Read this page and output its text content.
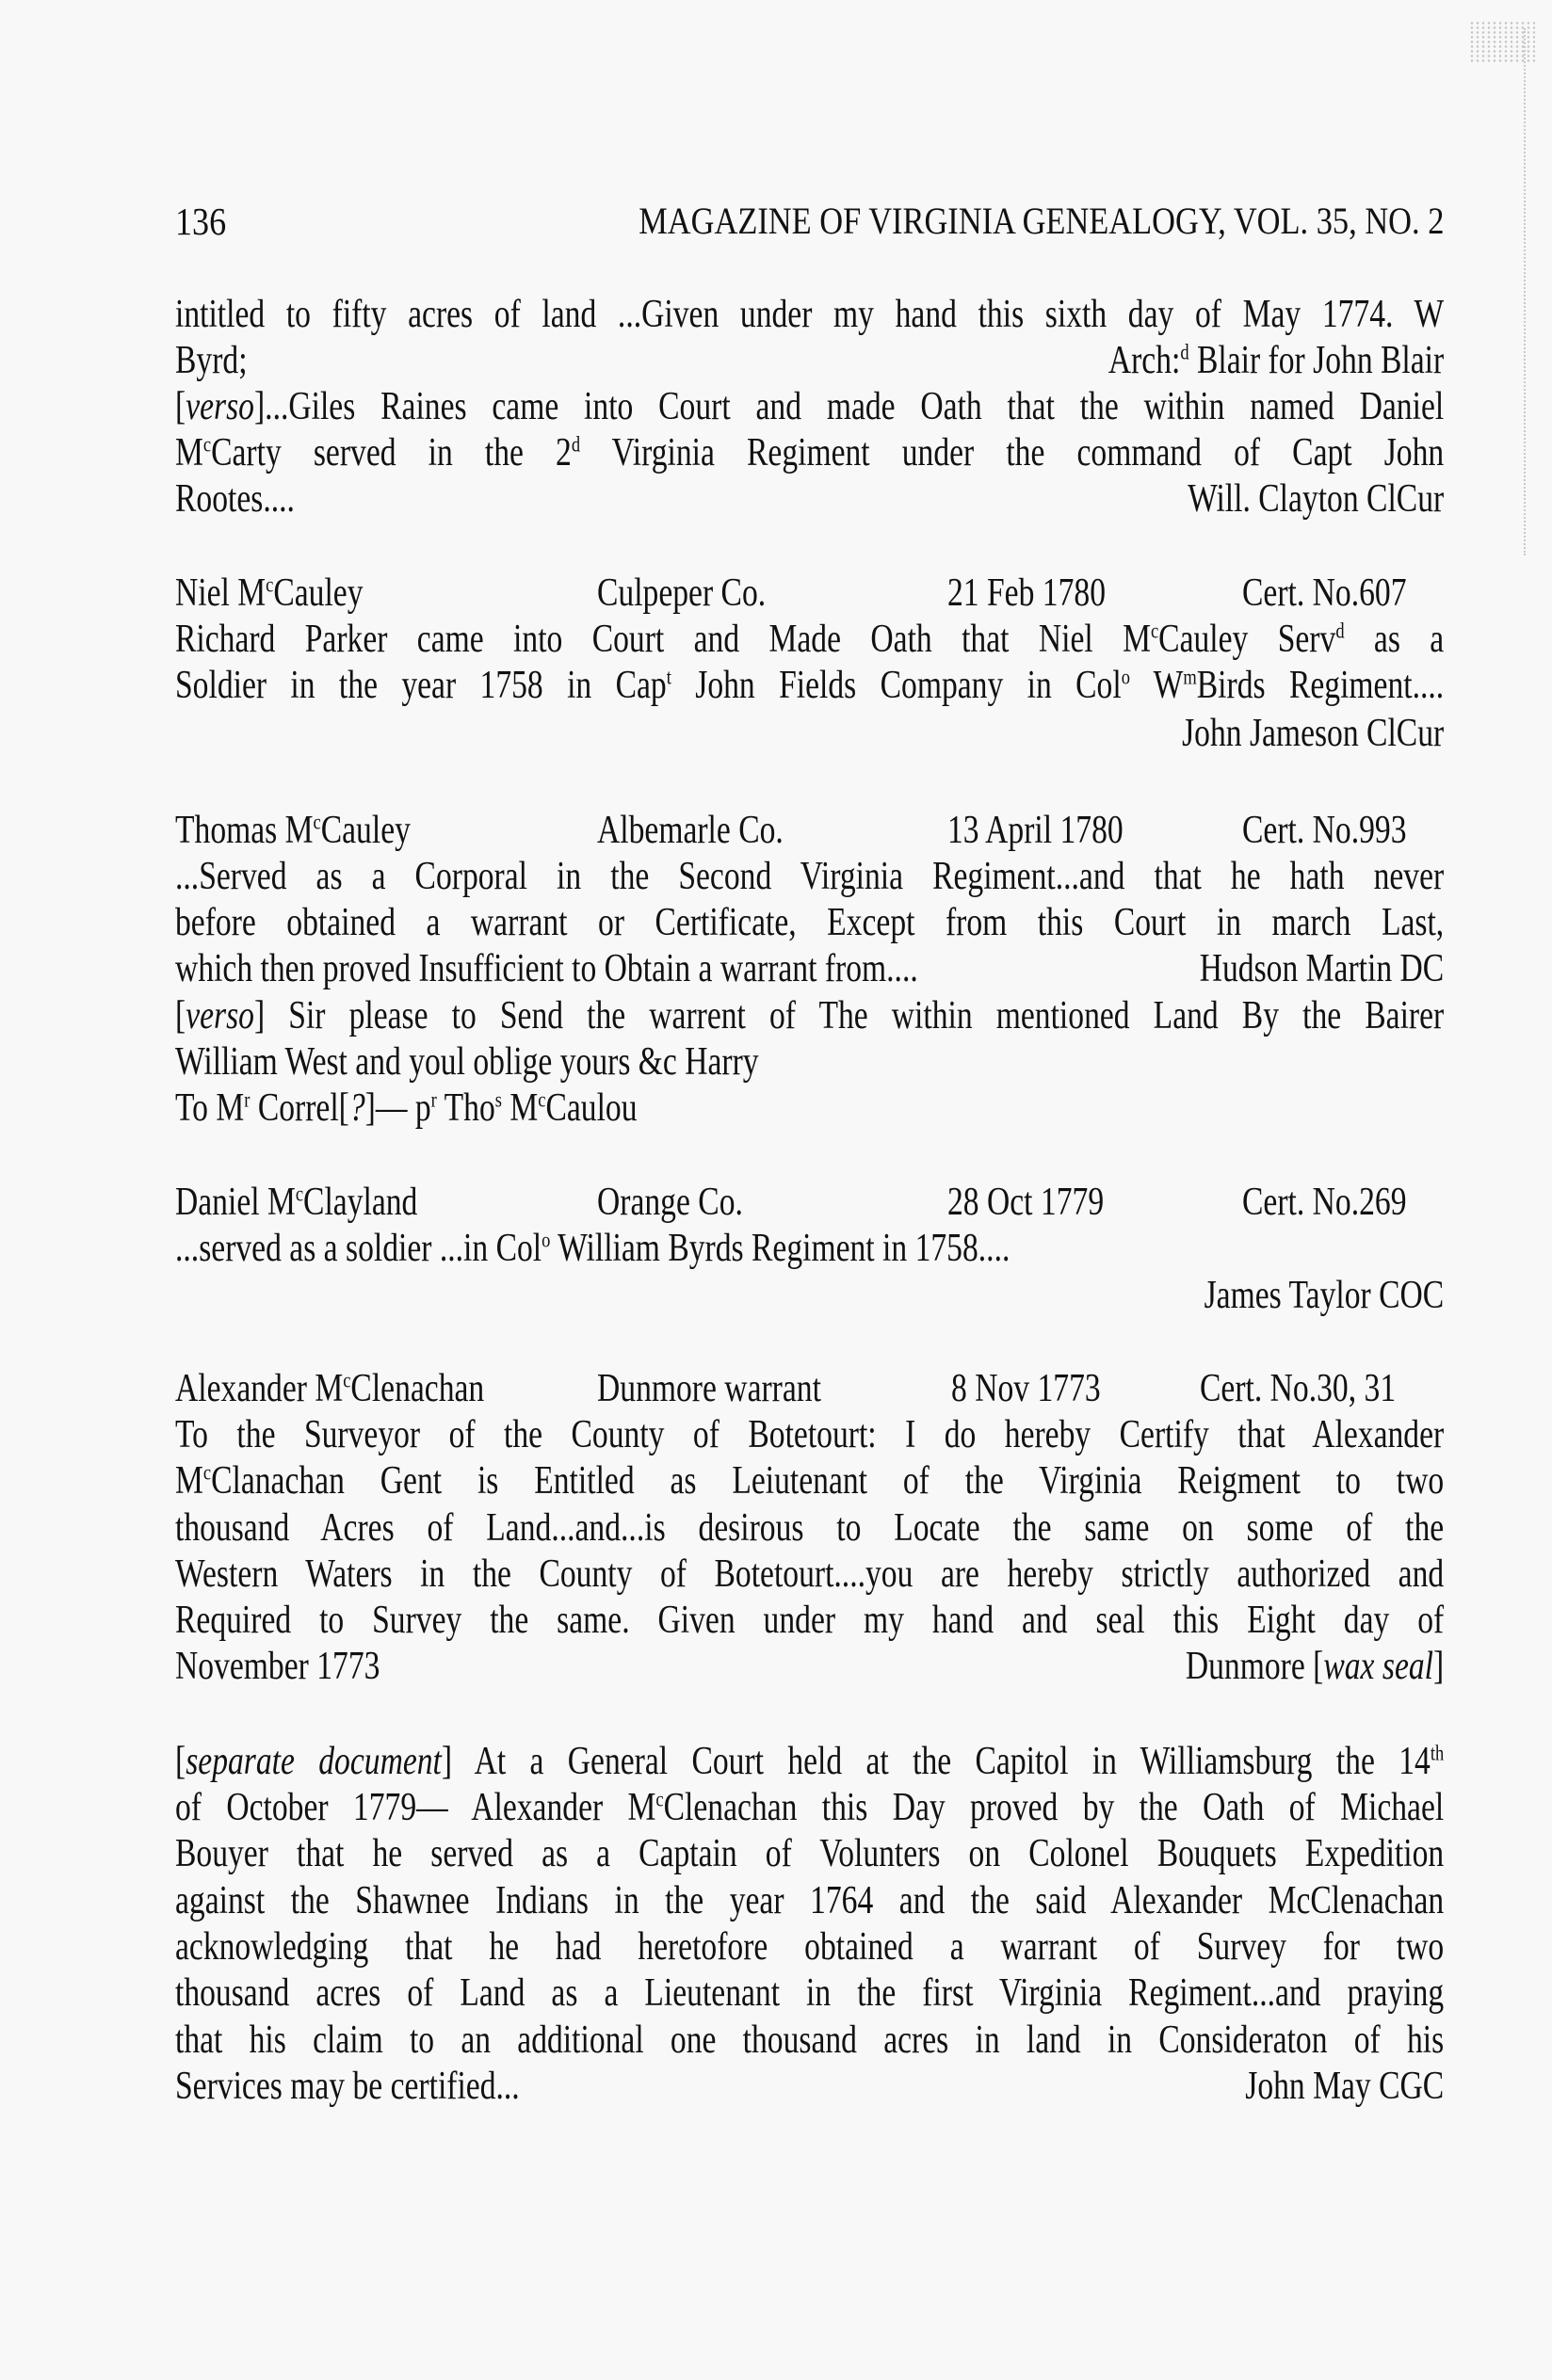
136	MAGAZINE OF VIRGINIA GENEALOGY, VOL. 35, NO. 2
intitled to fifty acres of land ...Given under my hand this sixth day of May 1774. W
Byrd;	Arch:$^d$ Blair for John Blair
[verso]...Giles Raines came into Court and made Oath that the within named Daniel
$M^cCarty$ served in the 2$^d$ Virginia Regiment under the command of Capt John
Rootes....	Will. Clayton ClCur
Niel $M^cCauley$	Culpeper Co.	21 Feb 1780	Cert. No.607
Richard Parker came into Court and Made Oath that Niel $M^cCauley$ Serv$^d$ as a
Soldier in the year 1758 in Cap$^t$ John Fields Company in Col$^o$ $W^mBirds$ Regiment....
John Jameson ClCur
Thomas $M^cCauley$	Albemarle Co.	13 April 1780	Cert. No.993
...Served as a Corporal in the Second Virginia Regiment...and that he hath never
before obtained a warrant or Certificate, Except from this Court in march Last,
which then proved Insufficient to Obtain a warrant from....	Hudson Martin DC
[verso] Sir please to Send the warrent of The within mentioned Land By the Bairer
William West and youl oblige yours &c Harry
To $M^r$ Correl[?]— $p^r$ Tho$^s$ $M^cCaulou$
Daniel $M^cClayland$	Orange Co.	28 Oct 1779	Cert. No.269
...served as a soldier ...in Col$^o$ William Byrds Regiment in 1758....
James Taylor COC
Alexander $M^cClenachan$	Dunmore warrant	8 Nov 1773	Cert. No.30, 31
To the Surveyor of the County of Botetourt: I do hereby Certify that Alexander
$M^cClanachan$ Gent is Entitled as Leiutenant of the Virginia Reigment to two
thousand Acres of Land...and...is desirous to Locate the same on some of the
Western Waters in the County of Botetourt....you are hereby strictly authorized and
Required to Survey the same. Given under my hand and seal this Eight day of
November 1773	Dunmore [wax seal]
[separate document] At a General Court held at the Capitol in Williamsburg the 14th
of October 1779— Alexander $M^cClenachan$ this Day proved by the Oath of Michael
Bouyer that he served as a Captain of Volunters on Colonel Bouquets Expedition
against the Shawnee Indians in the year 1764 and the said Alexander McClenachan
acknowledging that he had heretofore obtained a warrant of Survey for two
thousand acres of Land as a Lieutenant in the first Virginia Regiment...and praying
that his claim to an additional one thousand acres in land in Consideraton of his
Services may be certified...	John May CGC
